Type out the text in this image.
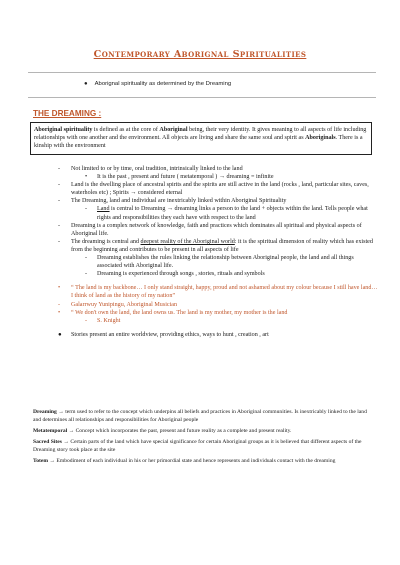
Contemporary Aborignal Spiritualities
● Aborignal spirituality as determined by the Dreaming
THE DREAMING :
Aboriginal spirituality is defined as at the core of Aboriginal being, their very identity. It gives meaning to all aspects of life including relationships with one another and the environment. All objects are living and share the same soul and spirit as Aboriginals. There is a kinship with the environment
- Not limited to or by time, oral tradition, intrinsically linked to the land
• It is the past , present and future ( metatemporal ) → dreaming = infinite
- Land is the dwelling place of ancestral spirits and the spirits are still active in the land (rocks , land, particular sites, caves, waterholes etc) ; Spirits → considered eternal
- The Dreaming, land and individual are inextricably linked within Aboriginal Spirituality
- Land is central to Dreaming → dreaming links a person to the land + objects within the land. Tells people what rights and responsibilities they each have with respect to the land
- Dreaming is a complex network of knowledge, faith and practices which dominates all spiritual and physical aspects of Aboriginal life.
- The dreaming is central and deepest reality of the Aboriginal world: it is the spiritual dimension of reality which has existed from the beginning and contributes to be present in all aspects of life
- Dreaming establishes the rules linking the relationship between Aboriginal people, the land and all things associated with Aboriginal life.
- Dreaming is experienced through songs , stories, rituals and symbols
• “ The land is my backbone… I only stand straight, happy, proud and not ashamed about my colour because I still have land… I think of land as the history of my nation”
- Galarrwuy Yunipingu, Aboriginal Musician
• “ We don't own the land, the land owns us. The land is my mother, my mother is the land
- S. Knight
● Stories present an entire worldview, providing ethics, ways to hunt , creation , art

Dreaming → term used to refer to the concept which underpins all beliefs and practices in Aboriginal communities. Is inextricably linked to the land and determines all relationships and responsibilities for Aboriginal people

Metatemporal → Concept which incorporates the past, present and future reality as a complete and present reality.

Sacred Sites → Certain parts of the land which have special significance for certain Aboriginal groups as it is believed that different aspects of the Dreaming story took place at the site

Totem → Embodiment of each individual in his or her primordial state and hence represents and individuals contact with the dreaming
